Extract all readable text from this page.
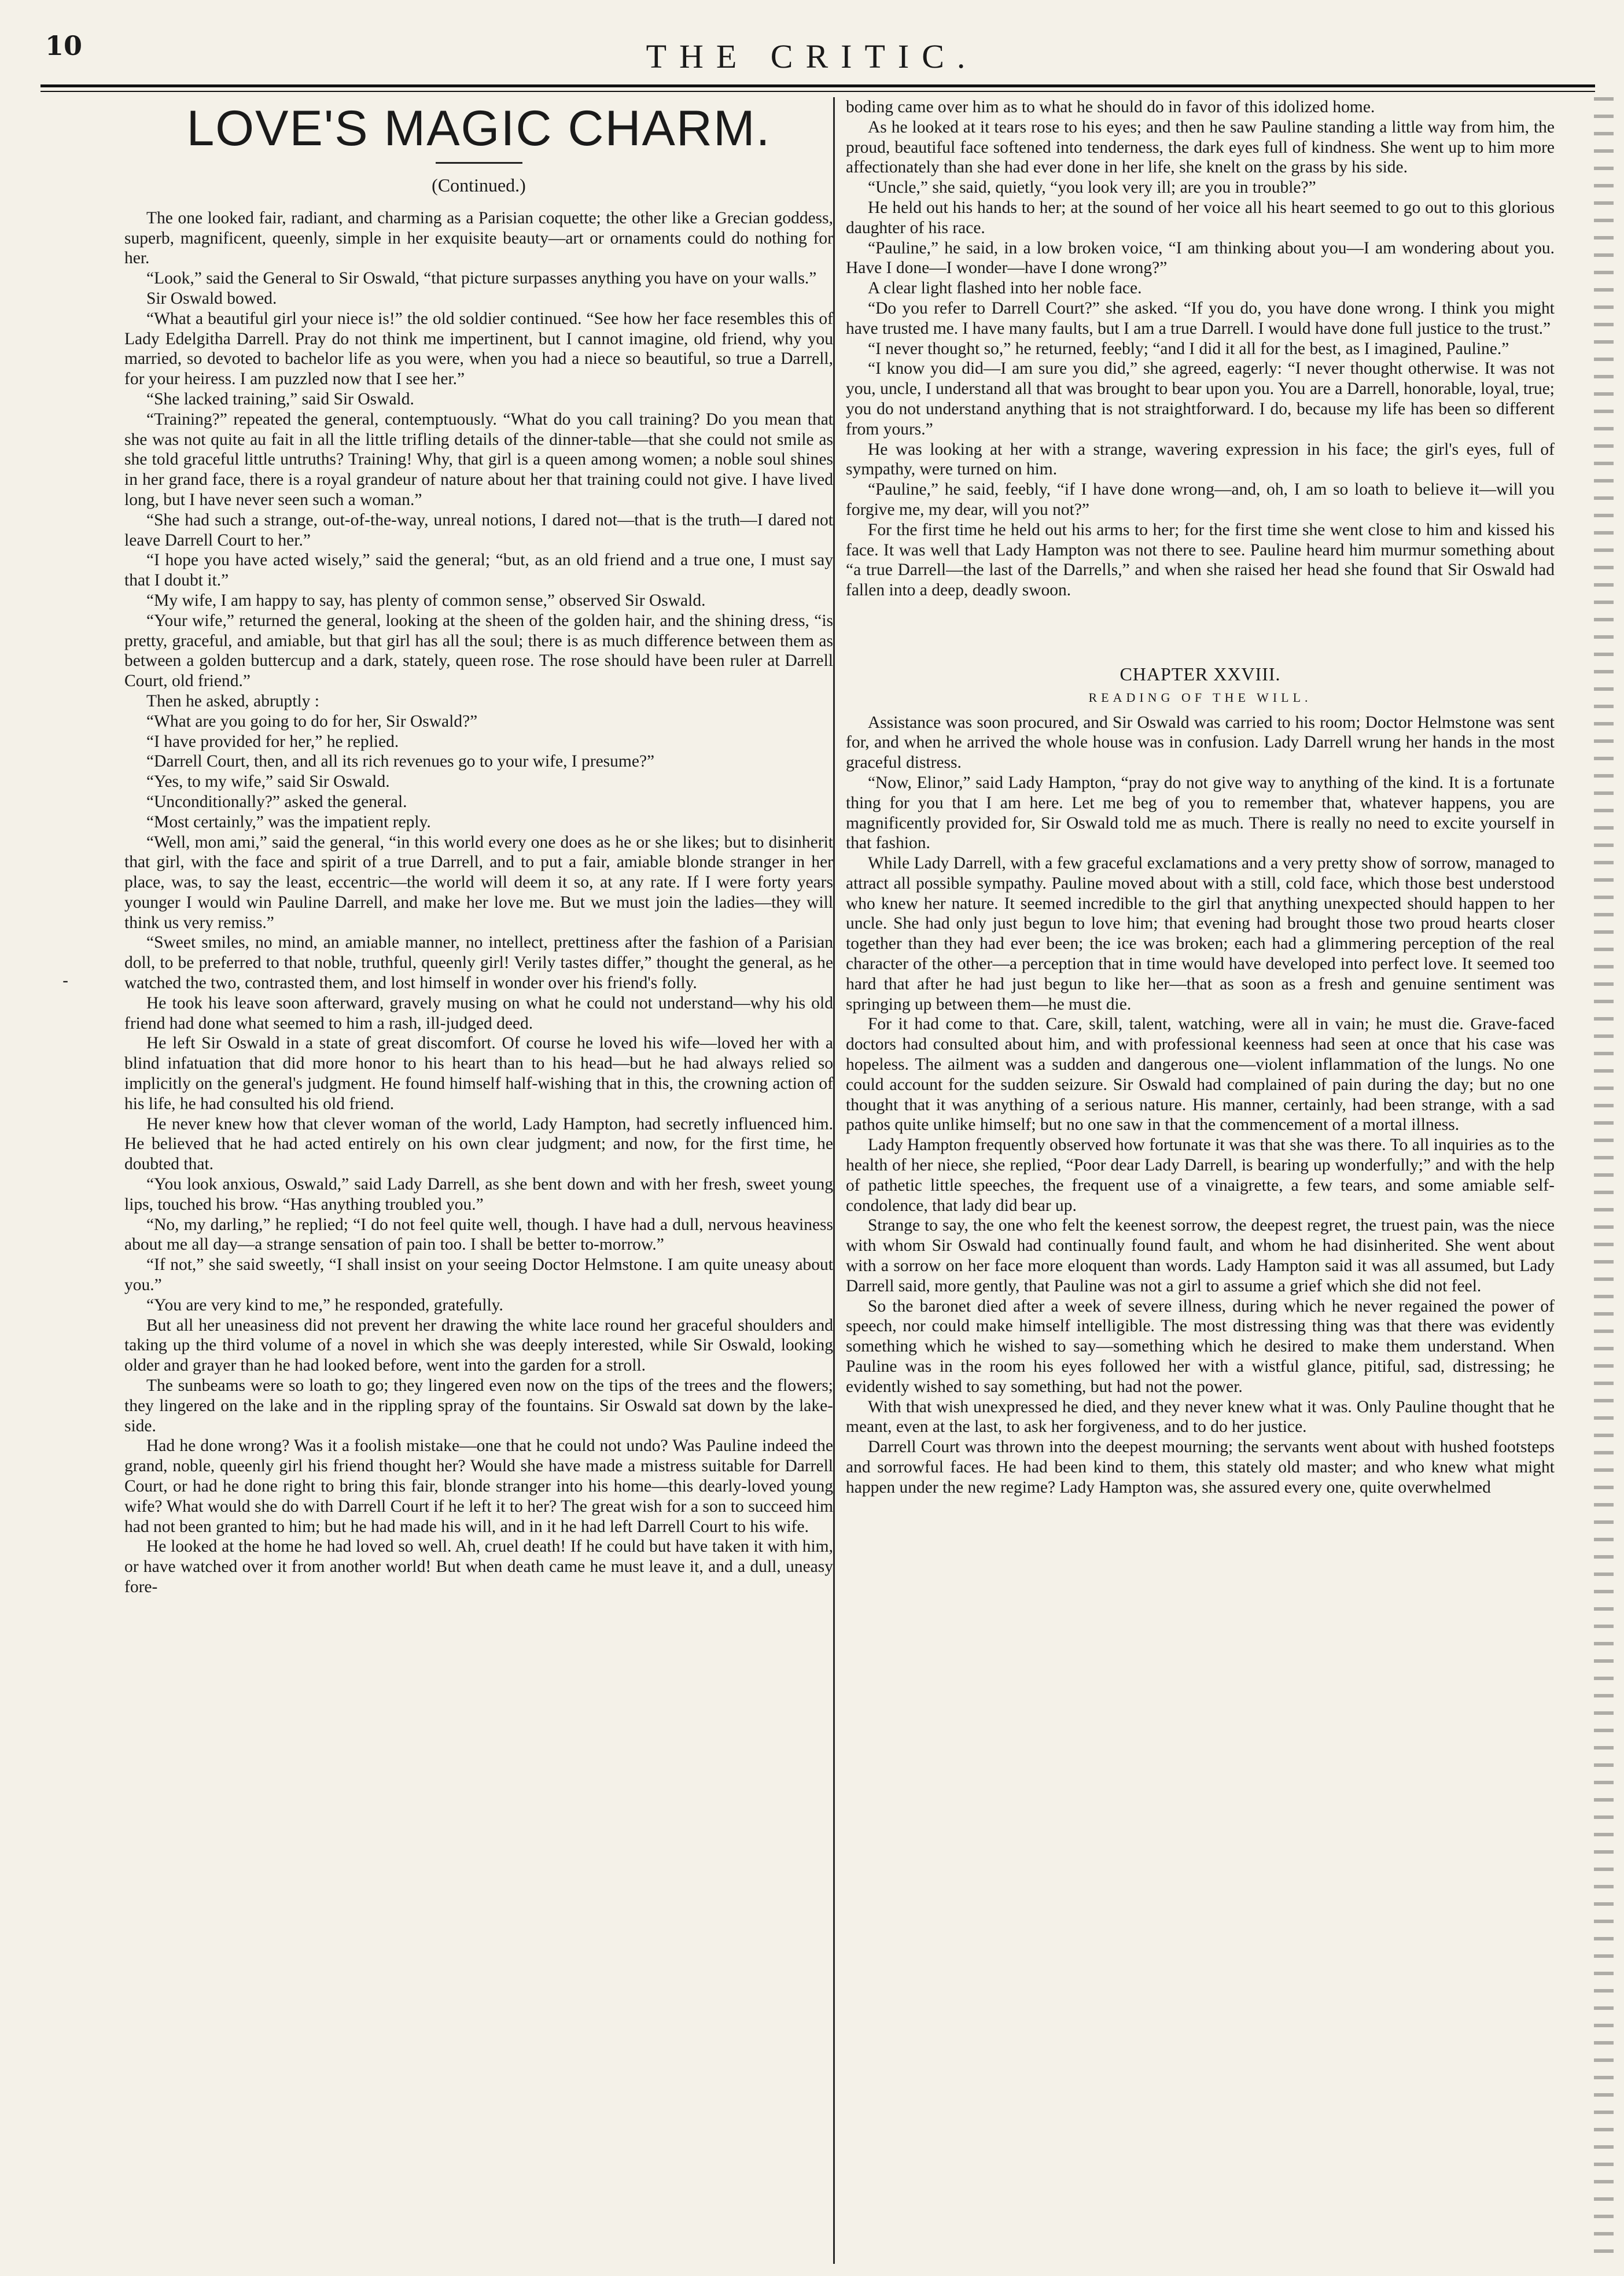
10	THE CRITIC.
-
LOVE'S MAGIC CHARM.
(Continued.)

The one looked fair, radiant, and charming as a Parisian coquette; the other like a Grecian goddess, superb, magnificent, queenly, simple in her exquisite beauty—art or ornaments could do nothing for her.

“Look,” said the General to Sir Oswald, “that picture surpasses anything you have on your walls.”

Sir Oswald bowed.

“What a beautiful girl your niece is!” the old soldier continued. “See how her face resembles this of Lady Edelgitha Darrell. Pray do not think me impertinent, but I cannot imagine, old friend, why you married, so devoted to bachelor life as you were, when you had a niece so beautiful, so true a Darrell, for your heiress. I am puzzled now that I see her.”

“She lacked training,” said Sir Oswald.

“Training?” repeated the general, contemptuously. “What do you call training? Do you mean that she was not quite au fait in all the little trifling details of the dinner-table—that she could not smile as she told graceful little untruths? Training! Why, that girl is a queen among women; a noble soul shines in her grand face, there is a royal grandeur of nature about her that training could not give. I have lived long, but I have never seen such a woman.”

“She had such a strange, out-of-the-way, unreal notions, I dared not—that is the truth—I dared not leave Darrell Court to her.”

“I hope you have acted wisely,” said the general; “but, as an old friend and a true one, I must say that I doubt it.”

“My wife, I am happy to say, has plenty of common sense,” observed Sir Oswald.

“Your wife,” returned the general, looking at the sheen of the golden hair, and the shining dress, “is pretty, graceful, and amiable, but that girl has all the soul; there is as much difference between them as between a golden buttercup and a dark, stately, queen rose. The rose should have been ruler at Darrell Court, old friend.”

Then he asked, abruptly :

“What are you going to do for her, Sir Oswald?”

“I have provided for her,” he replied.

“Darrell Court, then, and all its rich revenues go to your wife, I presume?”

“Yes, to my wife,” said Sir Oswald.

“Unconditionally?” asked the general.

“Most certainly,” was the impatient reply.

“Well, mon ami,” said the general, “in this world every one does as he or she likes; but to disinherit that girl, with the face and spirit of a true Darrell, and to put a fair, amiable blonde stranger in her place, was, to say the least, eccentric—the world will deem it so, at any rate. If I were forty years younger I would win Pauline Darrell, and make her love me. But we must join the ladies—they will think us very remiss.”

“Sweet smiles, no mind, an amiable manner, no intellect, prettiness after the fashion of a Parisian doll, to be preferred to that noble, truthful, queenly girl! Verily tastes differ,” thought the general, as he watched the two, contrasted them, and lost himself in wonder over his friend's folly.

He took his leave soon afterward, gravely musing on what he could not understand—why his old friend had done what seemed to him a rash, ill-judged deed.

He left Sir Oswald in a state of great discomfort. Of course he loved his wife—loved her with a blind infatuation that did more honor to his heart than to his head—but he had always relied so implicitly on the general's judgment. He found himself half-wishing that in this, the crowning action of his life, he had consulted his old friend.

He never knew how that clever woman of the world, Lady Hampton, had secretly influenced him. He believed that he had acted entirely on his own clear judgment; and now, for the first time, he doubted that.

“You look anxious, Oswald,” said Lady Darrell, as she bent down and with her fresh, sweet young lips, touched his brow. “Has anything troubled you.”

“No, my darling,” he replied; “I do not feel quite well, though. I have had a dull, nervous heaviness about me all day—a strange sensation of pain too. I shall be better to-morrow.”

“If not,” she said sweetly, “I shall insist on your seeing Doctor Helmstone. I am quite uneasy about you.”

“You are very kind to me,” he responded, gratefully.

But all her uneasiness did not prevent her drawing the white lace round her graceful shoulders and taking up the third volume of a novel in which she was deeply interested, while Sir Oswald, looking older and grayer than he had looked before, went into the garden for a stroll.

The sunbeams were so loath to go; they lingered even now on the tips of the trees and the flowers; they lingered on the lake and in the rippling spray of the fountains. Sir Oswald sat down by the lake-side.

Had he done wrong? Was it a foolish mistake—one that he could not undo? Was Pauline indeed the grand, noble, queenly girl his friend thought her? Would she have made a mistress suitable for Darrell Court, or had he done right to bring this fair, blonde stranger into his home—this dearly-loved young wife? What would she do with Darrell Court if he left it to her? The great wish for a son to succeed him had not been granted to him; but he had made his will, and in it he had left Darrell Court to his wife.

He looked at the home he had loved so well. Ah, cruel death! If he could but have taken it with him, or have watched over it from another world! But when death came he must leave it, and a dull, uneasy fore-

boding came over him as to what he should do in favor of this idolized home.

As he looked at it tears rose to his eyes; and then he saw Pauline standing a little way from him, the proud, beautiful face softened into tenderness, the dark eyes full of kindness. She went up to him more affectionately than she had ever done in her life, she knelt on the grass by his side.

“Uncle,” she said, quietly, “you look very ill; are you in trouble?”

He held out his hands to her; at the sound of her voice all his heart seemed to go out to this glorious daughter of his race.

“Pauline,” he said, in a low broken voice, “I am thinking about you—I am wondering about you. Have I done—I wonder—have I done wrong?”

A clear light flashed into her noble face.

“Do you refer to Darrell Court?” she asked. “If you do, you have done wrong. I think you might have trusted me. I have many faults, but I am a true Darrell. I would have done full justice to the trust.”

“I never thought so,” he returned, feebly; “and I did it all for the best, as I imagined, Pauline.”

“I know you did—I am sure you did,” she agreed, eagerly: “I never thought otherwise. It was not you, uncle, I understand all that was brought to bear upon you. You are a Darrell, honorable, loyal, true; you do not understand anything that is not straightforward. I do, because my life has been so different from yours.”

He was looking at her with a strange, wavering expression in his face; the girl's eyes, full of sympathy, were turned on him.

“Pauline,” he said, feebly, “if I have done wrong—and, oh, I am so loath to believe it—will you forgive me, my dear, will you not?”

For the first time he held out his arms to her; for the first time she went close to him and kissed his face. It was well that Lady Hampton was not there to see. Pauline heard him murmur something about “a true Darrell—the last of the Darrells,” and when she raised her head she found that Sir Oswald had fallen into a deep, deadly swoon.

CHAPTER XXVIII.
READING OF THE WILL.

Assistance was soon procured, and Sir Oswald was carried to his room; Doctor Helmstone was sent for, and when he arrived the whole house was in confusion. Lady Darrell wrung her hands in the most graceful distress.

“Now, Elinor,” said Lady Hampton, “pray do not give way to anything of the kind. It is a fortunate thing for you that I am here. Let me beg of you to remember that, whatever happens, you are magnificently provided for, Sir Oswald told me as much. There is really no need to excite yourself in that fashion.

While Lady Darrell, with a few graceful exclamations and a very pretty show of sorrow, managed to attract all possible sympathy. Pauline moved about with a still, cold face, which those best understood who knew her nature. It seemed incredible to the girl that anything unexpected should happen to her uncle. She had only just begun to love him; that evening had brought those two proud hearts closer together than they had ever been; the ice was broken; each had a glimmering perception of the real character of the other—a perception that in time would have developed into perfect love. It seemed too hard that after he had just begun to like her—that as soon as a fresh and genuine sentiment was springing up between them—he must die.

For it had come to that. Care, skill, talent, watching, were all in vain; he must die. Grave-faced doctors had consulted about him, and with professional keenness had seen at once that his case was hopeless. The ailment was a sudden and dangerous one—violent inflammation of the lungs. No one could account for the sudden seizure. Sir Oswald had complained of pain during the day; but no one thought that it was anything of a serious nature. His manner, certainly, had been strange, with a sad pathos quite unlike himself; but no one saw in that the commencement of a mortal illness.

Lady Hampton frequently observed how fortunate it was that she was there. To all inquiries as to the health of her niece, she replied, “Poor dear Lady Darrell, is bearing up wonderfully;” and with the help of pathetic little speeches, the frequent use of a vinaigrette, a few tears, and some amiable self-condolence, that lady did bear up.

Strange to say, the one who felt the keenest sorrow, the deepest regret, the truest pain, was the niece with whom Sir Oswald had continually found fault, and whom he had disinherited. She went about with a sorrow on her face more eloquent than words. Lady Hampton said it was all assumed, but Lady Darrell said, more gently, that Pauline was not a girl to assume a grief which she did not feel.

So the baronet died after a week of severe illness, during which he never regained the power of speech, nor could make himself intelligible. The most distressing thing was that there was evidently something which he wished to say—something which he desired to make them understand. When Pauline was in the room his eyes followed her with a wistful glance, pitiful, sad, distressing; he evidently wished to say something, but had not the power.

With that wish unexpressed he died, and they never knew what it was. Only Pauline thought that he meant, even at the last, to ask her forgiveness, and to do her justice.

Darrell Court was thrown into the deepest mourning; the servants went about with hushed footsteps and sorrowful faces. He had been kind to them, this stately old master; and who knew what might happen under the new regime? Lady Hampton was, she assured every one, quite overwhelmed
